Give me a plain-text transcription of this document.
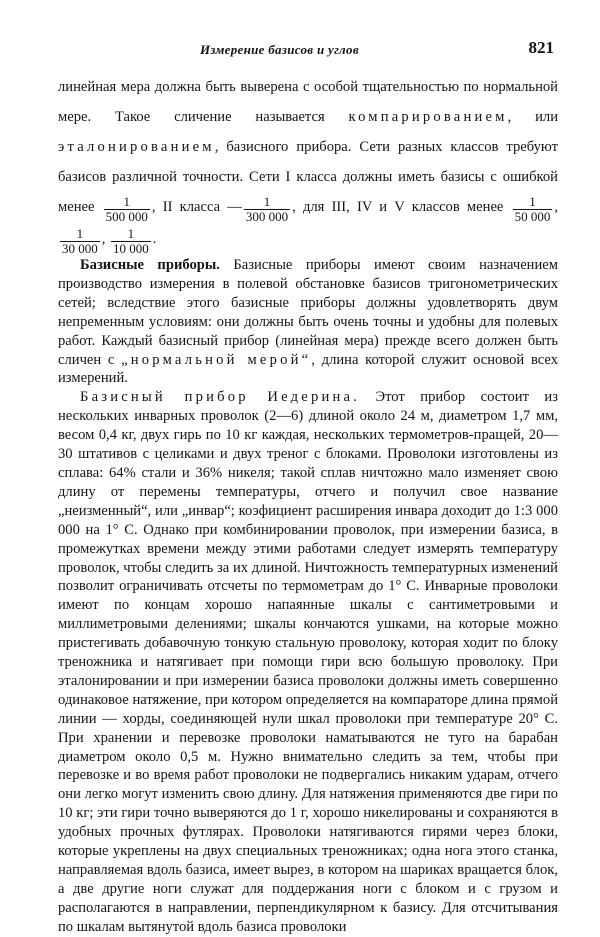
Измерение базисов и углов	821

линейная мера должна быть выверена с особой тщательностью по нормальной мере. Такое сличение называется компарированием, или эталонированием, базисного прибора. Сети разных классов требуют базисов различной точности. Сети I класса должны иметь базисы с ошибкой менее $\frac{1}{500 000}$ , II класса — $\frac{1}{300 000}$ , для III, IV и V классов менее $\frac{1}{50 000}$ ,
$\frac{1}{30 000}$ , $\frac{1}{10 000}$ .

Базисные приборы. Базисные приборы имеют своим назначением производство измерения в полевой обстановке базисов тригонометрических сетей; вследствие этого базисные приборы должны удовлетворять двум непременным условиям: они должны быть очень точны и удобны для полевых работ. Каждый базисный прибор (линейная мера) прежде всего должен быть сличен с „нормальной мерой“, длина которой служит основой всех измерений.

Базисный прибор Иедерина. Этот прибор состоит из нескольких инварных проволок (2—6) длиной около 24 м, диаметром 1,7 мм, весом 0,4 кг, двух гирь по 10 кг каждая, нескольких термометров-пращей, 20—30 штативов с целиками и двух треног с блоками. Проволоки изготовлены из сплава: 64% стали и 36% никеля; такой сплав ничтожно мало изменяет свою длину от перемены температуры, отчего и получил свое название „неизменный“, или „инвар“; коэфициент расширения инвара доходит до 1:3 000 000 на 1° С. Однако при комбинировании проволок, при измерении базиса, в промежутках времени между этими работами следует измерять температуру проволок, чтобы следить за их длиной. Ничтожность температурных изменений позволит ограничивать отсчеты по термометрам до 1° С. Инварные проволоки имеют по концам хорошо напаянные шкалы с сантиметровыми и миллиметровыми делениями; шкалы кончаются ушками, на которые можно пристегивать добавочную тонкую стальную проволоку, которая ходит по блоку треножника и натягивает при помощи гири всю большую проволоку. При эталонировании и при измерении базиса проволоки должны иметь совершенно одинаковое натяжение, при котором определяется на компараторе длина прямой линии — хорды, соединяющей нули шкал проволоки при температуре 20° С. При хранении и перевозке проволоки наматываются не туго на барабан диаметром около 0,5 м. Нужно внимательно следить за тем, чтобы при перевозке и во время работ проволоки не подвергались никаким ударам, отчего они легко могут изменить свою длину. Для натяжения применяются две гири по 10 кг; эти гири точно выверяются до 1 г, хорошо никелированы и сохраняются в удобных прочных футлярах. Проволоки натягиваются гирями через блоки, которые укреплены на двух специальных треножниках; одна нога этого станка, направляемая вдоль базиса, имеет вырез, в котором на шариках вращается блок, а две другие ноги служат для поддержания ноги с блоком и с грузом и располагаются в направлении, перпендикулярном к базису. Для отсчитывания по шкалам вытянутой вдоль базиса проволоки
